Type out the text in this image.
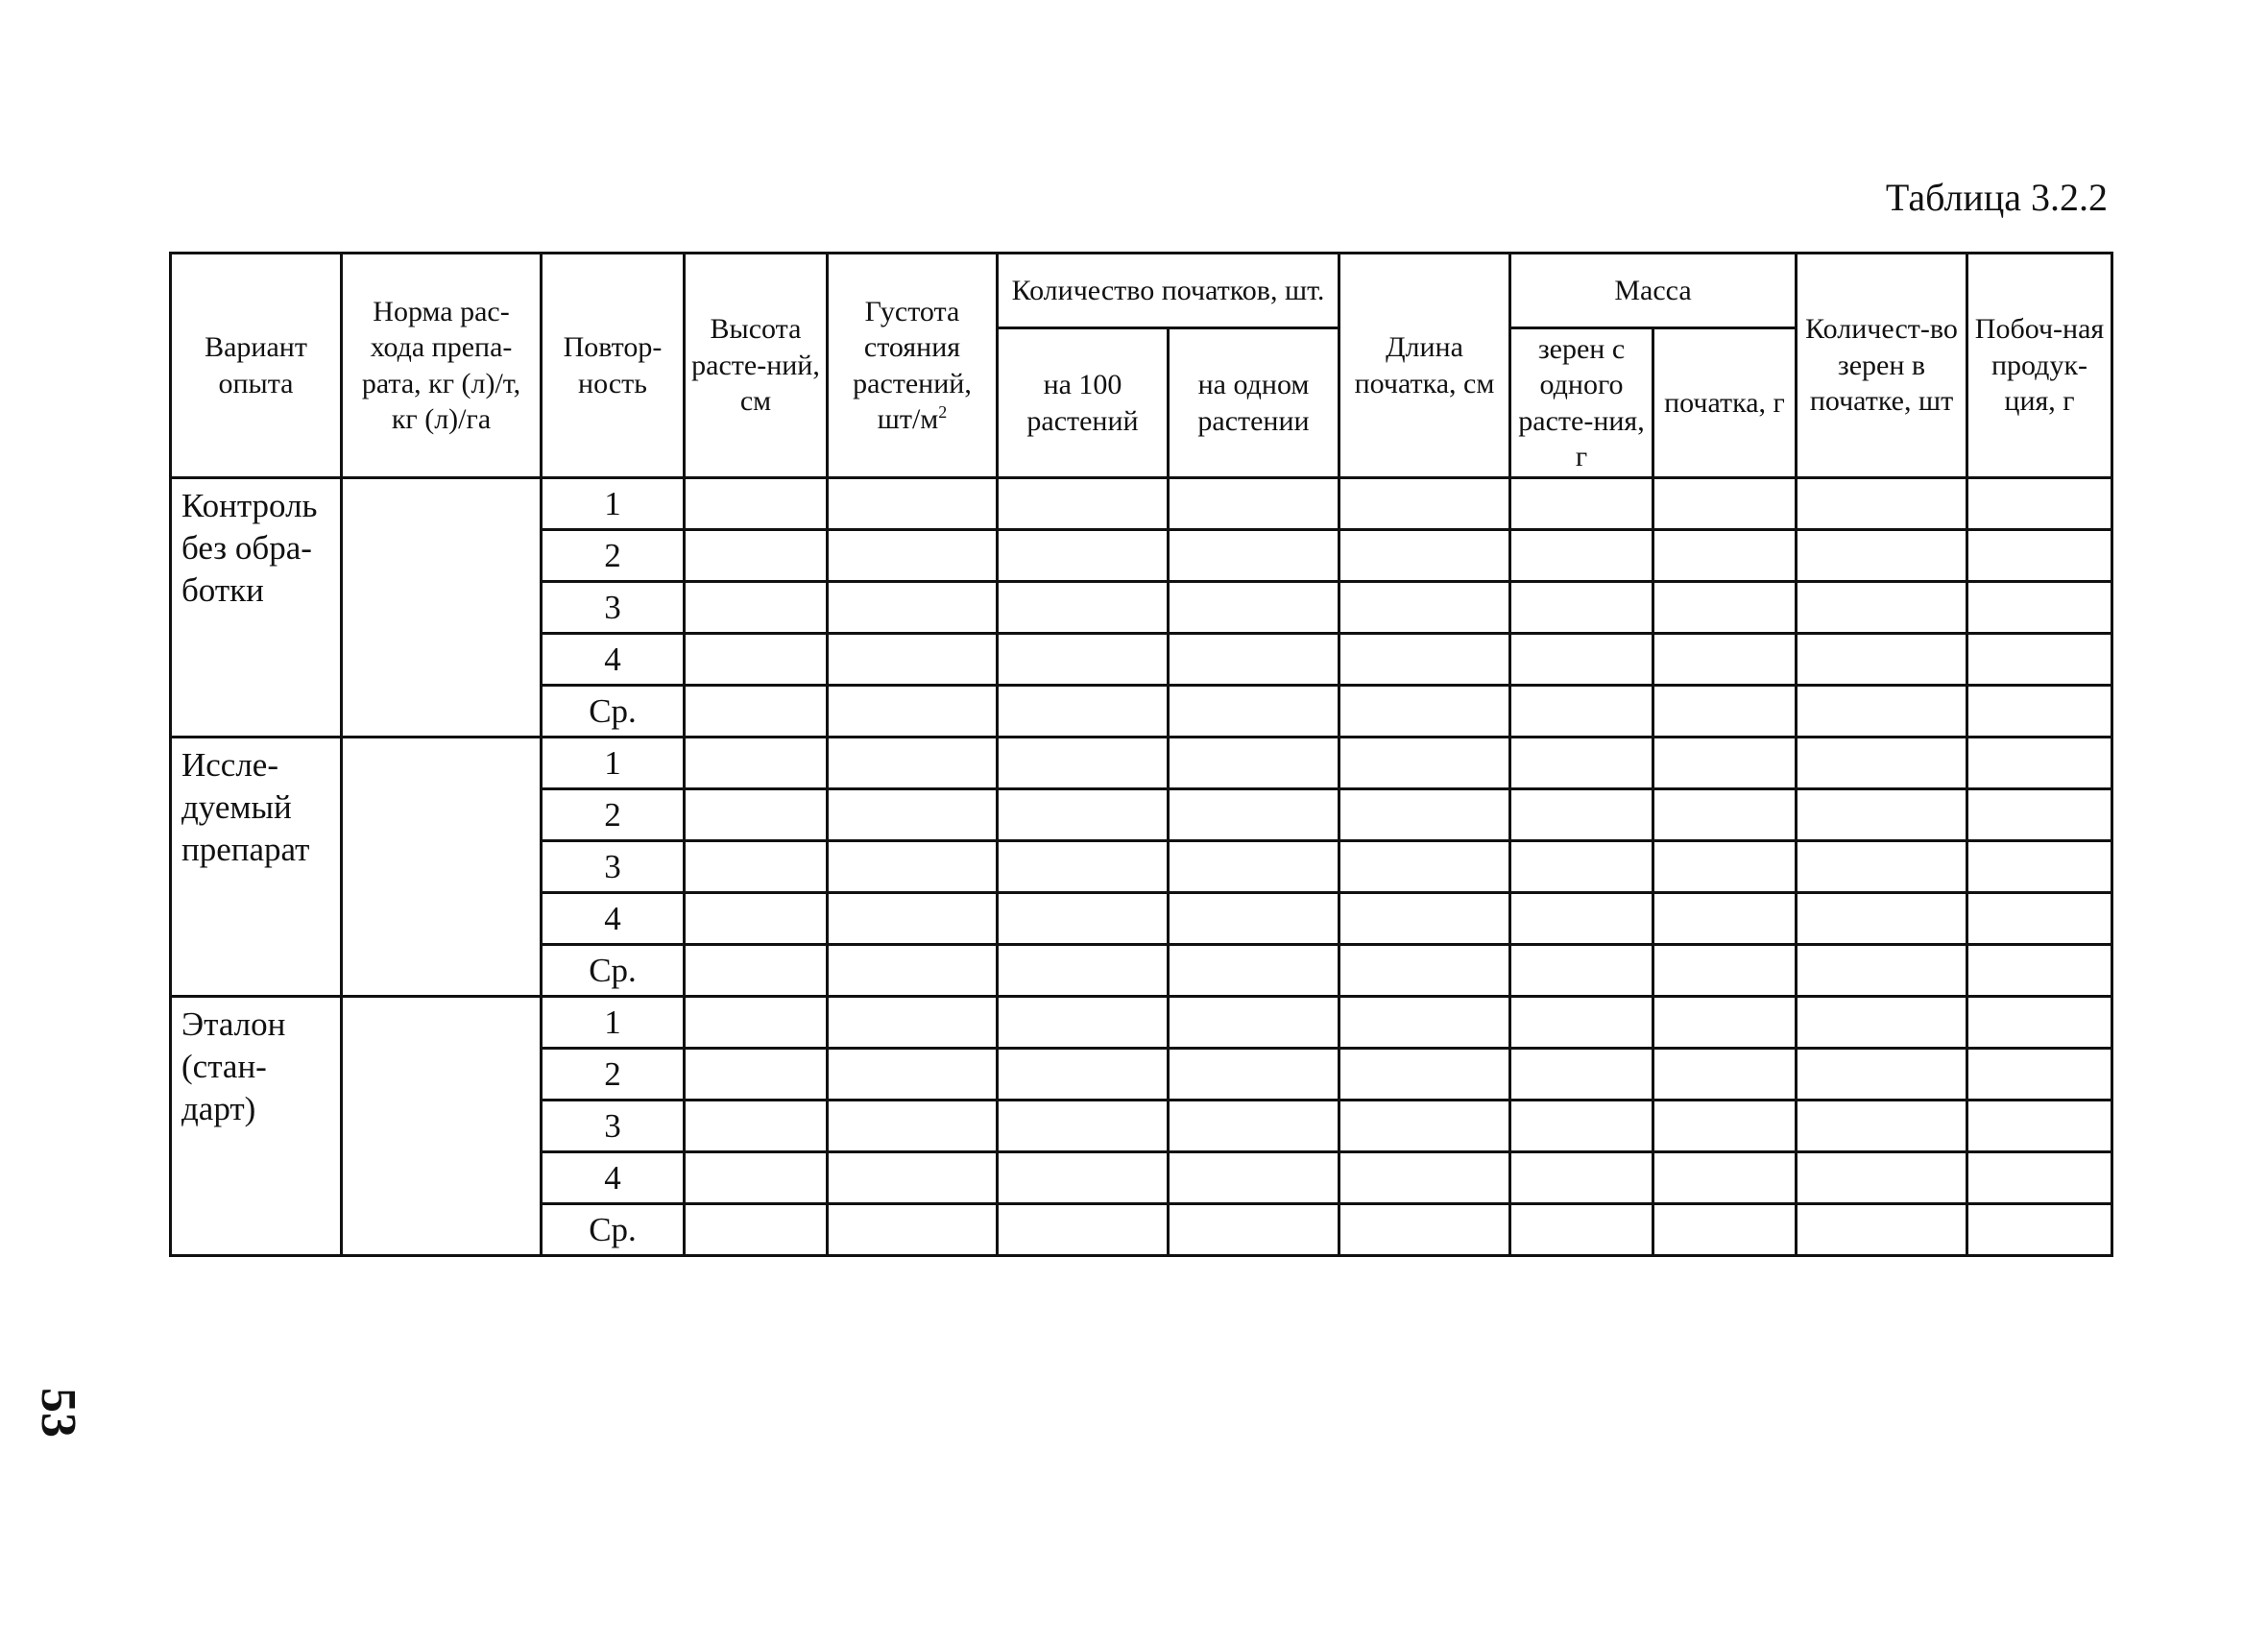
Таблица 3.2.2
Вариант опыта	Норма рас-хода препа-рата, кг (л)/т, кг (л)/га	Повтор-ность	Высота расте-ний, см	Густота стояния растений, $шт/м^2$	Количество початков, шт.		Длина початка, см	Масса		Количест-во зерен в початке, шт	Побоч-ная продук-ция, г
					на 100 растений	на одном растении		зерен с одного расте-ния, г	початка, г		
Контроль без обра-ботки		1									
		2									
		3									
		4									
		Ср.									
Иссле-дуемый препарат		1									
		2									
		3									
		4									
		Ср.									
Эталон (стан-дарт)		1									
		2									
		3									
		4									
		Ср.									
53
